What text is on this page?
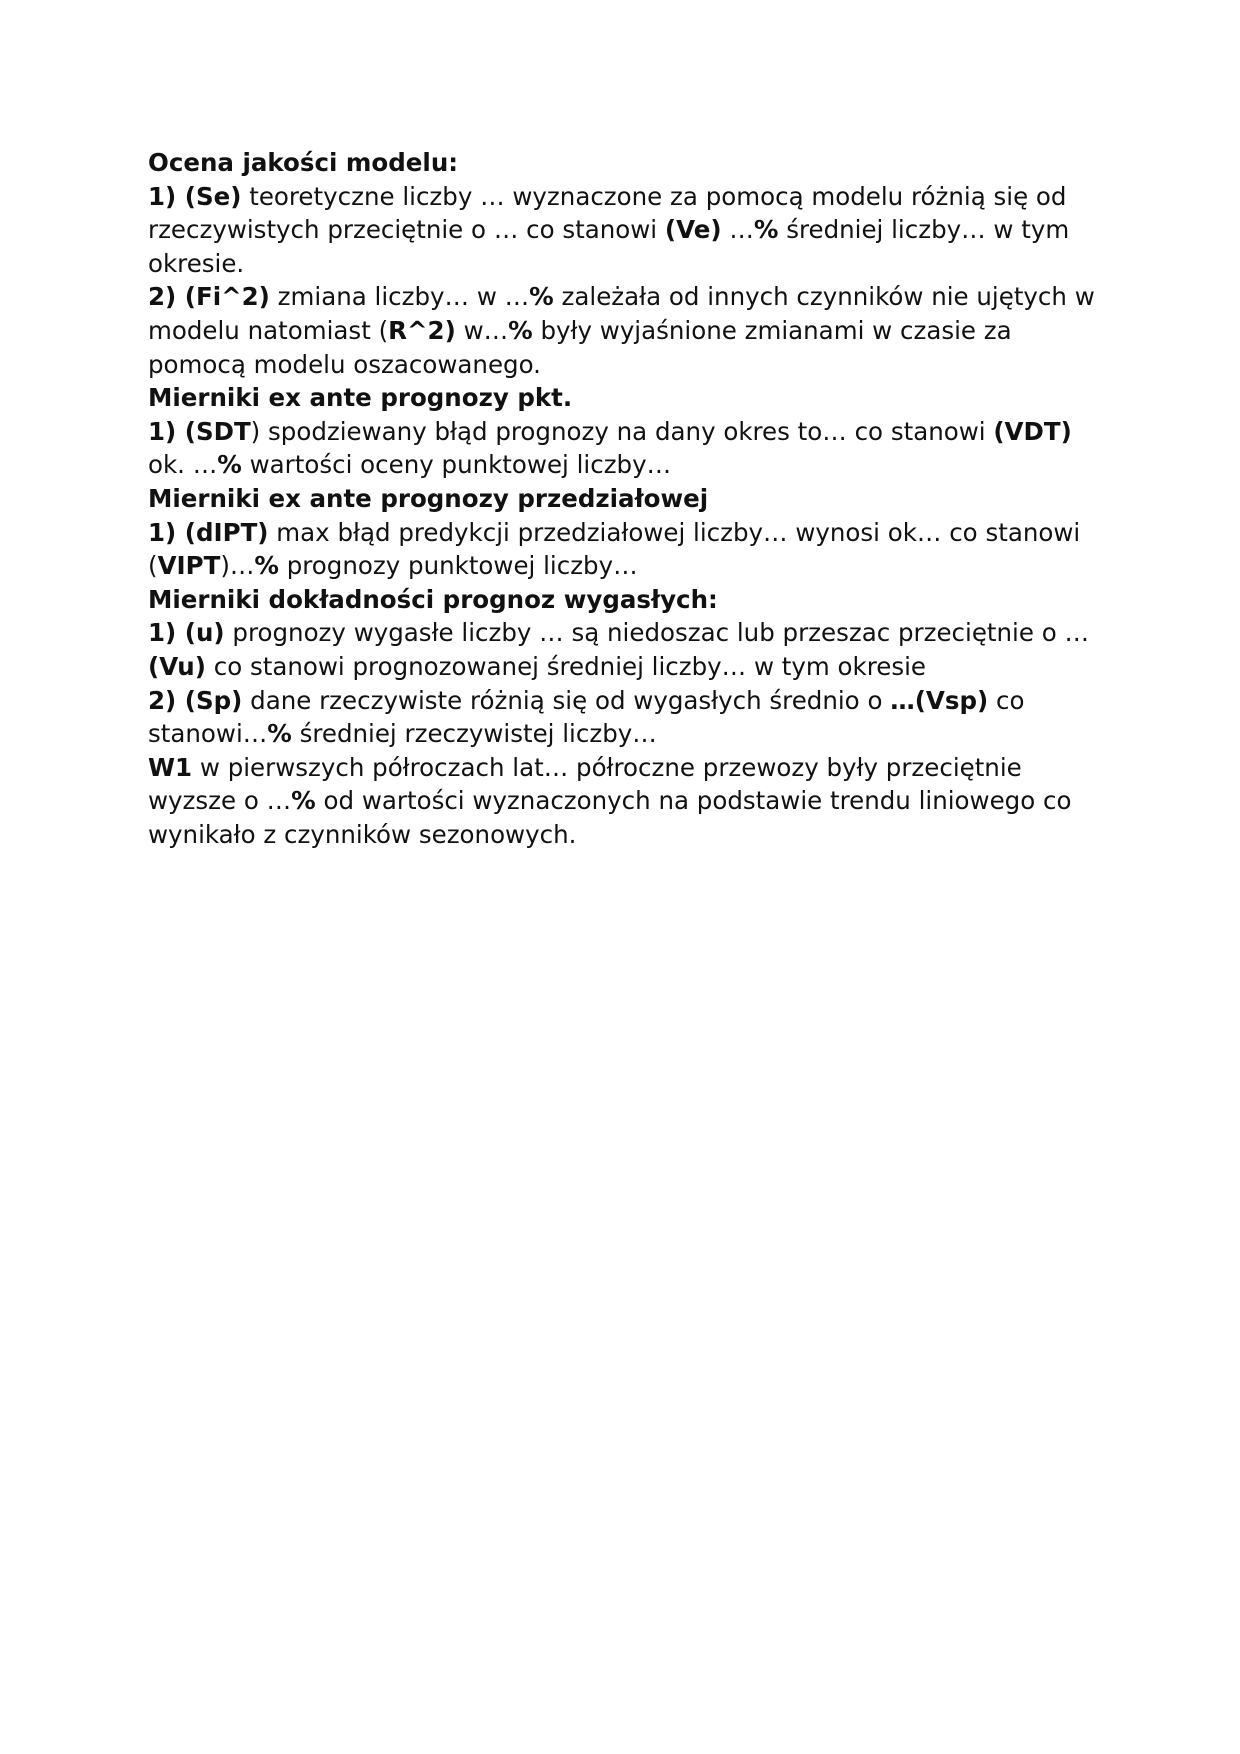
Ocena jakości modelu:

1) (Se) teoretyczne liczby … wyznaczone za pomocą modelu różnią się od rzeczywistych przeciętnie o … co stanowi (Ve) …% średniej liczby… w tym okresie.

2) (Fi^2) zmiana liczby… w …% zależała od innych czynników nie ujętych w modelu natomiast (R^2) w…% były wyjaśnione zmianami w czasie za pomocą modelu oszacowanego.

Mierniki ex ante prognozy pkt.

1) (SDT) spodziewany błąd prognozy na dany okres to… co stanowi (VDT) ok. …% wartości oceny punktowej liczby…

Mierniki ex ante prognozy przedziałowej

1) (dIPT) max błąd predykcji przedziałowej liczby… wynosi ok… co stanowi (VIPT)…% prognozy punktowej liczby…

Mierniki dokładności prognoz wygasłych:

1) (u) prognozy wygasłe liczby … są niedoszac lub przeszac przeciętnie o … (Vu) co stanowi prognozowanej średniej liczby… w tym okresie

2) (Sp) dane rzeczywiste różnią się od wygasłych średnio o …(Vsp) co stanowi…% średniej rzeczywistej liczby…

W1 w pierwszych półroczach lat… półroczne przewozy były przeciętnie wyzsze o …% od wartości wyznaczonych na podstawie trendu liniowego co wynikało z czynników sezonowych.
